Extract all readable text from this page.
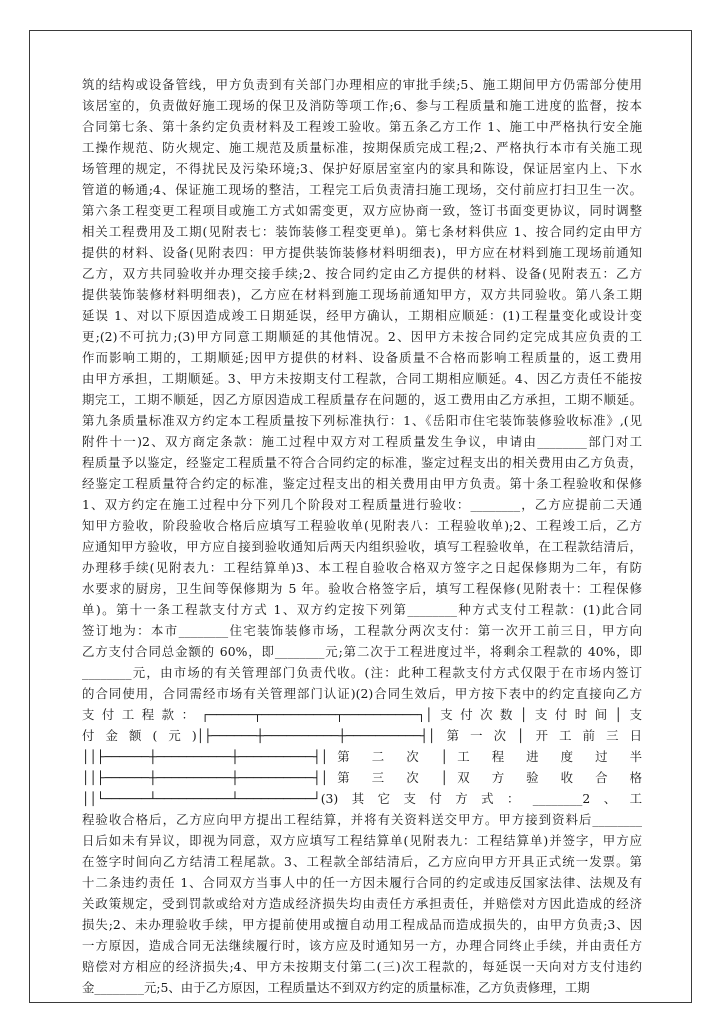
筑的结构或设备管线，甲方负责到有关部门办理相应的审批手续;5、施工期间甲方仍需部分使用
该居室的，负责做好施工现场的保卫及消防等项工作;6、参与工程质量和施工进度的监督，按本
合同第七条、第十条约定负责材料及工程竣工验收。第五条乙方工作 1、施工中严格执行安全施
工操作规范、防火规定、施工规范及质量标准，按期保质完成工程;2、严格执行本市有关施工现
场管理的规定，不得扰民及污染环境;3、保护好原居室室内的家具和陈设，保证居室内上、下水
管道的畅通;4、保证施工现场的整洁，工程完工后负责清扫施工现场，交付前应打扫卫生一次。
第六条工程变更工程项目或施工方式如需变更，双方应协商一致，签订书面变更协议，同时调整
相关工程费用及工期(见附表七：装饰装修工程变更单)。第七条材料供应 1、按合同约定由甲方
提供的材料、设备(见附表四：甲方提供装饰装修材料明细表)，甲方应在材料到施工现场前通知
乙方，双方共同验收并办理交接手续;2、按合同约定由乙方提供的材料、设备(见附表五：乙方
提供装饰装修材料明细表)，乙方应在材料到施工现场前通知甲方，双方共同验收。第八条工期
延误 1、对以下原因造成竣工日期延误，经甲方确认，工期相应顺延：(1)工程量变化或设计变
更;(2)不可抗力;(3)甲方同意工期顺延的其他情况。2、因甲方未按合同约定完成其应负责的工
作而影响工期的，工期顺延;因甲方提供的材料、设备质量不合格而影响工程质量的，返工费用
由甲方承担，工期顺延。3、甲方未按期支付工程款，合同工期相应顺延。4、因乙方责任不能按
期完工，工期不顺延，因乙方原因造成工程质量存在问题的，返工费用由乙方承担，工期不顺延。
第九条质量标准双方约定本工程质量按下列标准执行：1、《岳阳市住宅装饰装修验收标准》,(见
附件十一)2、双方商定条款：施工过程中双方对工程质量发生争议，申请由________部门对工
程质量予以鉴定，经鉴定工程质量不符合合同约定的标准，鉴定过程支出的相关费用由乙方负责，
经鉴定工程质量符合约定的标准，鉴定过程支出的相关费用由甲方负责。第十条工程验收和保修
1、双方约定在施工过程中分下列几个阶段对工程质量进行验收：________，乙方应提前二天通
知甲方验收，阶段验收合格后应填写工程验收单(见附表八：工程验收单);2、工程竣工后，乙方
应通知甲方验收，甲方应自接到验收通知后两天内组织验收，填写工程验收单，在工程款结清后，
办理移手续(见附表九：工程结算单)3、本工程自验收合格双方签字之日起保修期为二年，有防
水要求的厨房，卫生间等保修期为 5 年。验收合格签字后，填写工程保修(见附表十：工程保修
单)。第十一条工程款支付方式 1、双方约定按下列第________种方式支付工程款：(1)此合同
签订地为：本市________住宅装饰装修市场，工程款分两次支付：第一次开工前三日，甲方向
乙方支付合同总金额的 60%，即________元;第二次于工程进度过半，将剩余工程款的 40%，即
________元，由市场的有关管理部门负责代收。(注：此种工程款支付方式仅限于在市场内签订
的合同使用，合同需经市场有关管理部门认证)(2)合同生效后，甲方按下表中的约定直接向乙方
支付工程款：┌──────┬──────────┬──────────┐│支付次数│支付时间│支
付金额(元)│├──────┼──────────┼──────────┤│第一次│开工前三日
││├──────┼──────────┼──────────┤│第 二 次 │工 程 进 度 过 半
││├──────┼──────────┼──────────┤│第 三 次 │双 方 验 收 合 格
││└──────┴──────────┴──────────┘(3)其它支付方式：________2、工
程验收合格后，乙方应向甲方提出工程结算，并将有关资料送交甲方。甲方接到资料后________
日后如未有异议，即视为同意，双方应填写工程结算单(见附表九：工程结算单)并签字，甲方应
在签字时间向乙方结清工程尾款。3、工程款全部结清后，乙方应向甲方开具正式统一发票。第
十二条违约责任 1、合同双方当事人中的任一方因未履行合同的约定或违反国家法律、法规及有
关政策规定，受到罚款或给对方造成经济损失均由责任方承担责任，并赔偿对方因此造成的经济
损失;2、未办理验收手续，甲方提前使用或擅自动用工程成品而造成损失的，由甲方负责;3、因
一方原因，造成合同无法继续履行时，该方应及时通知另一方，办理合同终止手续，并由责任方
赔偿对方相应的经济损失;4、甲方未按期支付第二(三)次工程款的，每延误一天向对方支付违约
金________元;5、由于乙方原因，工程质量达不到双方约定的质量标准，乙方负责修理，工期
